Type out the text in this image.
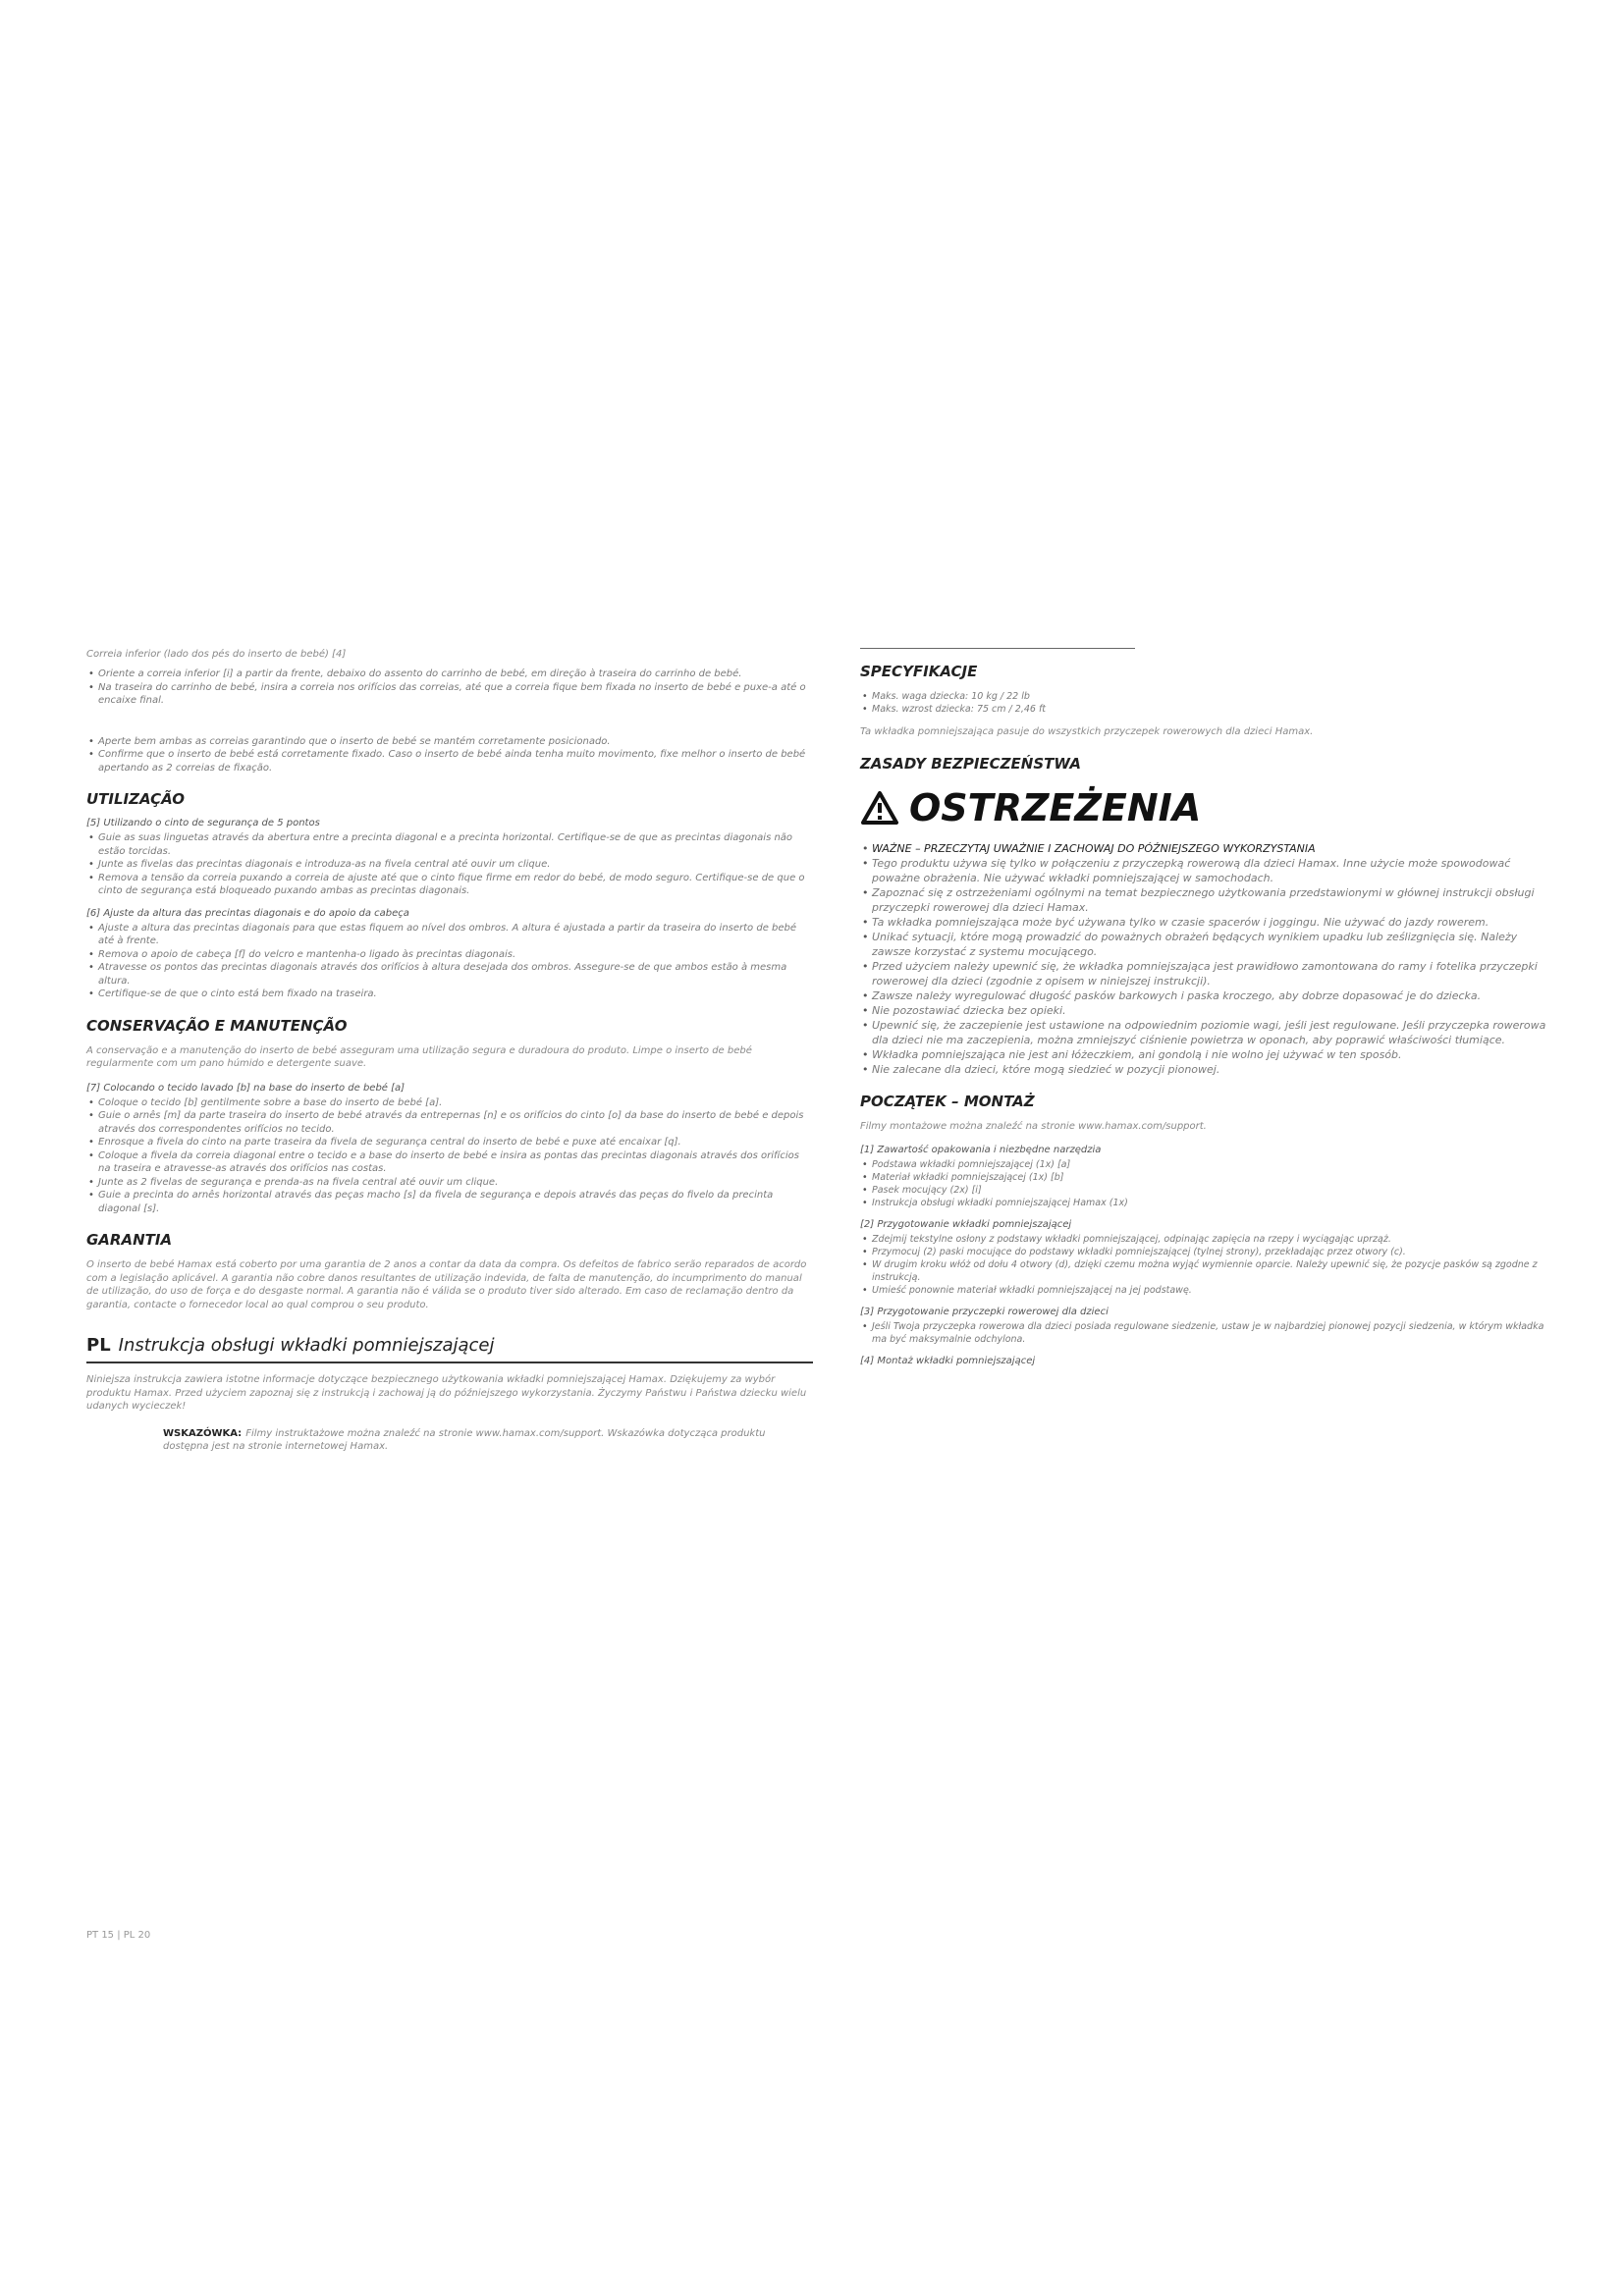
Correia inferior (lado dos pés do inserto de bebé) [4]

• Oriente a correia inferior [i] a partir da frente, debaixo do assento do carrinho de bebé, em direção à traseira do carrinho de bebé.
• Na traseira do carrinho de bebé, insira a correia nos orifícios das correias, até que a correia fique bem fixada no inserto de bebé e puxe-a até o encaixe final.
• Aperte bem ambas as correias garantindo que o inserto de bebé se mantém corretamente posicionado.
• Confirme que o inserto de bebé está corretamente fixado. Caso o inserto de bebé ainda tenha muito movimento, fixe melhor o inserto de bebé apertando as 2 correias de fixação.
UTILIZAÇÃO
[5] Utilizando o cinto de segurança de 5 pontos
• Guie as suas linguetas através da abertura entre a precinta diagonal e a precinta horizontal. Certifique-se de que as precintas diagonais não estão torcidas.
• Junte as fivelas das precintas diagonais e introduza-as na fivela central até ouvir um clique.
• Remova a tensão da correia puxando a correia de ajuste até que o cinto fique firme em redor do bebé, de modo seguro. Certifique-se de que o cinto de segurança está bloqueado puxando ambas as precintas diagonais.
[6] Ajuste da altura das precintas diagonais e do apoio da cabeça
• Ajuste a altura das precintas diagonais para que estas fiquem ao nível dos ombros. A altura é ajustada a partir da traseira do inserto de bebé até à frente.
• Remova o apoio de cabeça [f] do velcro e mantenha-o ligado às precintas diagonais.
• Atravesse os pontos das precintas diagonais através dos orifícios à altura desejada dos ombros. Assegure-se de que ambos estão à mesma altura.
• Certifique-se de que o cinto está bem fixado na traseira.
CONSERVAÇÃO E MANUTENÇÃO

A conservação e a manutenção do inserto de bebé asseguram uma utilização segura e duradoura do produto. Limpe o inserto de bebé regularmente com um pano húmido e detergente suave.

[7] Colocando o tecido lavado [b] na base do inserto de bebé [a]
• Coloque o tecido [b] gentilmente sobre a base do inserto de bebé [a].
• Guie o arnês [m] da parte traseira do inserto de bebé através da entrepernas [n] e os orifícios do cinto [o] da base do inserto de bebé e depois através dos correspondentes orifícios no tecido.
• Enrosque a fivela do cinto na parte traseira da fivela de segurança central do inserto de bebé e puxe até encaixar [q].
• Coloque a fivela da correia diagonal entre o tecido e a base do inserto de bebé e insira as pontas das precintas diagonais através dos orifícios na traseira e atravesse-as através dos orifícios nas costas.
• Junte as 2 fivelas de segurança e prenda-as na fivela central até ouvir um clique.
• Guie a precinta do arnês horizontal através das peças macho [s] da fivela de segurança e depois através das peças do fivelo da precinta diagonal [s].
GARANTIA

O inserto de bebé Hamax está coberto por uma garantia de 2 anos a contar da data da compra. Os defeitos de fabrico serão reparados de acordo com a legislação aplicável. A garantia não cobre danos resultantes de utilização indevida, de falta de manutenção, do incumprimento do manual de utilização, do uso de força e do desgaste normal. A garantia não é válida se o produto tiver sido alterado. Em caso de reclamação dentro da garantia, contacte o fornecedor local ao qual comprou o seu produto.

PL Instrukcja obsługi wkładki pomniejszającej

Niniejsza instrukcja zawiera istotne informacje dotyczące bezpiecznego użytkowania wkładki pomniejszającej Hamax. Dziękujemy za wybór produktu Hamax. Przed użyciem zapoznaj się z instrukcją i zachowaj ją do późniejszego wykorzystania. Życzymy Państwu i Państwa dziecku wielu udanych wycieczek!

WSKAZÓWKA: Filmy instruktażowe można znaleźć na stronie www.hamax.com/support. Wskazówka dotycząca produktu dostępna jest na stronie internetowej Hamax.
PT 15 | PL 20
SPECYFIKACJE
• Maks. waga dziecka: 10 kg / 22 lb
• Maks. wzrost dziecka: 75 cm / 2,46 ft

Ta wkładka pomniejszająca pasuje do wszystkich przyczepek rowerowych dla dzieci Hamax.

ZASADY BEZPIECZEŃSTWA
OSTRZEŻENIA
• WAŻNE – PRZECZYTAJ UWAŻNIE I ZACHOWAJ DO PÓŹNIEJSZEGO WYKORZYSTANIA
• Tego produktu używa się tylko w połączeniu z przyczepką rowerową dla dzieci Hamax. Inne użycie może spowodować poważne obrażenia. Nie używać wkładki pomniejszającej w samochodach.
• Zapoznać się z ostrzeżeniami ogólnymi na temat bezpiecznego użytkowania przedstawionymi w głównej instrukcji obsługi przyczepki rowerowej dla dzieci Hamax.
• Ta wkładka pomniejszająca może być używana tylko w czasie spacerów i joggingu. Nie używać do jazdy rowerem.
• Unikać sytuacji, które mogą prowadzić do poważnych obrażeń będących wynikiem upadku lub ześlizgnięcia się. Należy zawsze korzystać z systemu mocującego.
• Przed użyciem należy upewnić się, że wkładka pomniejszająca jest prawidłowo zamontowana do ramy i fotelika przyczepki rowerowej dla dzieci (zgodnie z opisem w niniejszej instrukcji).
• Zawsze należy wyregulować długość pasków barkowych i paska kroczego, aby dobrze dopasować je do dziecka.
• Nie pozostawiać dziecka bez opieki.
• Upewnić się, że zaczepienie jest ustawione na odpowiednim poziomie wagi, jeśli jest regulowane. Jeśli przyczepka rowerowa dla dzieci nie ma zaczepienia, można zmniejszyć ciśnienie powietrza w oponach, aby poprawić właściwości tłumiące.
• Wkładka pomniejszająca nie jest ani łóżeczkiem, ani gondolą i nie wolno jej używać w ten sposób.
• Nie zalecane dla dzieci, które mogą siedzieć w pozycji pionowej.
POCZĄTEK – MONTAŻ

Filmy montażowe można znaleźć na stronie www.hamax.com/support.

[1] Zawartość opakowania i niezbędne narzędzia
• Podstawa wkładki pomniejszającej (1x) [a]
• Materiał wkładki pomniejszającej (1x) [b]
• Pasek mocujący (2x) [i]
• Instrukcja obsługi wkładki pomniejszającej Hamax (1x)
[2] Przygotowanie wkładki pomniejszającej
• Zdejmij tekstylne osłony z podstawy wkładki pomniejszającej, odpinając zapięcia na rzepy i wyciągając uprząż.
• Przymocuj (2) paski mocujące do podstawy wkładki pomniejszającej (tylnej strony), przekładając przez otwory (c).
• W drugim kroku włóż od dołu 4 otwory (d), dzięki czemu można wyjąć wymiennie oparcie. Należy upewnić się, że pozycje pasków są zgodne z instrukcją.
• Umieść ponownie materiał wkładki pomniejszającej na jej podstawę.
[3] Przygotowanie przyczepki rowerowej dla dzieci
• Jeśli Twoja przyczepka rowerowa dla dzieci posiada regulowane siedzenie, ustaw je w najbardziej pionowej pozycji siedzenia, w którym wkładka ma być maksymalnie odchylona.
[4] Montaż wkładki pomniejszającej
